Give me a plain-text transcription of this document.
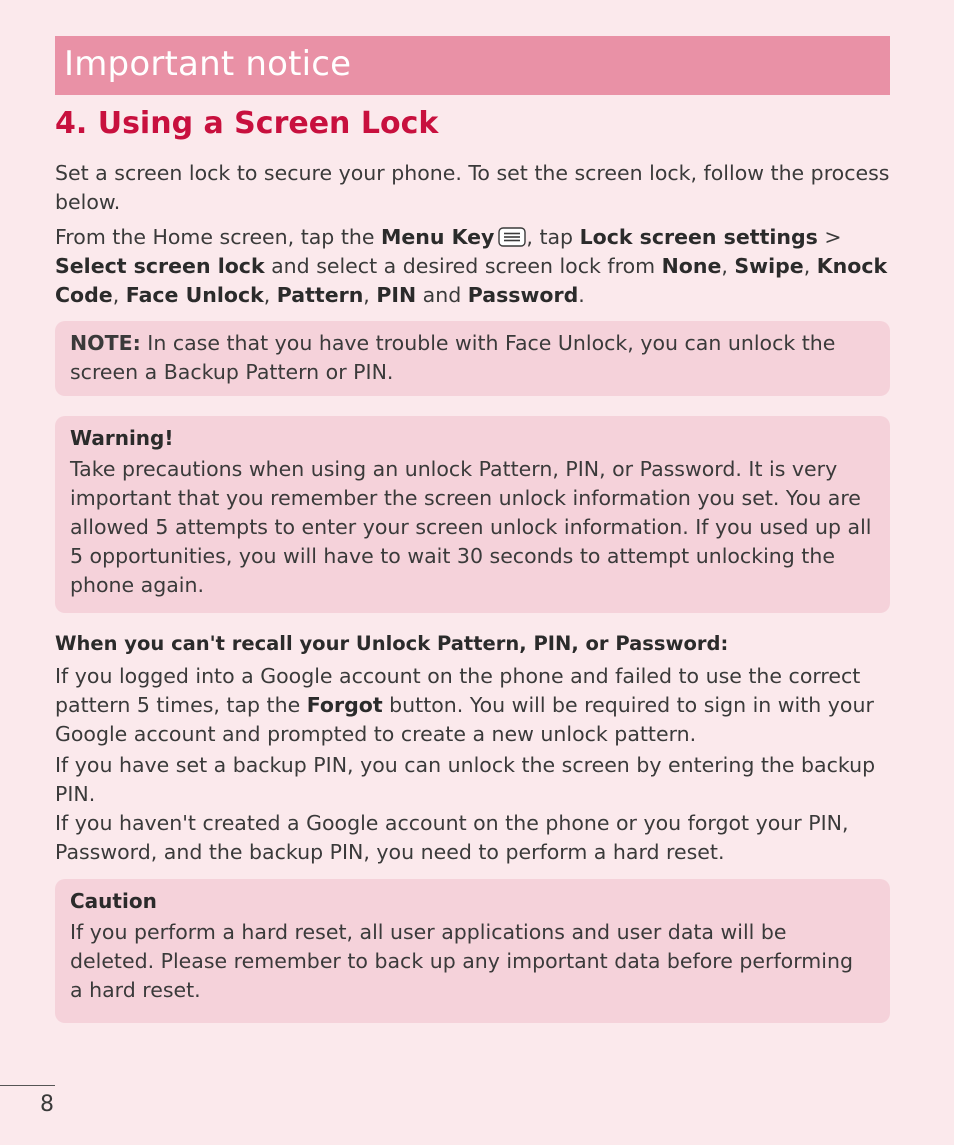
Important notice
4. Using a Screen Lock
Set a screen lock to secure your phone. To set the screen lock, follow the process below.
From the Home screen, tap the Menu Key , tap Lock screen settings > Select screen lock and select a desired screen lock from None, Swipe, Knock Code, Face Unlock, Pattern, PIN and Password.
NOTE: In case that you have trouble with Face Unlock, you can unlock the screen a Backup Pattern or PIN.
Warning!
Take precautions when using an unlock Pattern, PIN, or Password. It is very important that you remember the screen unlock information you set. You are allowed 5 attempts to enter your screen unlock information. If you used up all 5 opportunities, you will have to wait 30 seconds to attempt unlocking the phone again.
When you can't recall your Unlock Pattern, PIN, or Password:
If you logged into a Google account on the phone and failed to use the correct pattern 5 times, tap the Forgot button. You will be required to sign in with your Google account and prompted to create a new unlock pattern.
If you have set a backup PIN, you can unlock the screen by entering the backup PIN.
If you haven't created a Google account on the phone or you forgot your PIN, Password, and the backup PIN, you need to perform a hard reset.
Caution
If you perform a hard reset, all user applications and user data will be deleted. Please remember to back up any important data before performing a hard reset.
8
